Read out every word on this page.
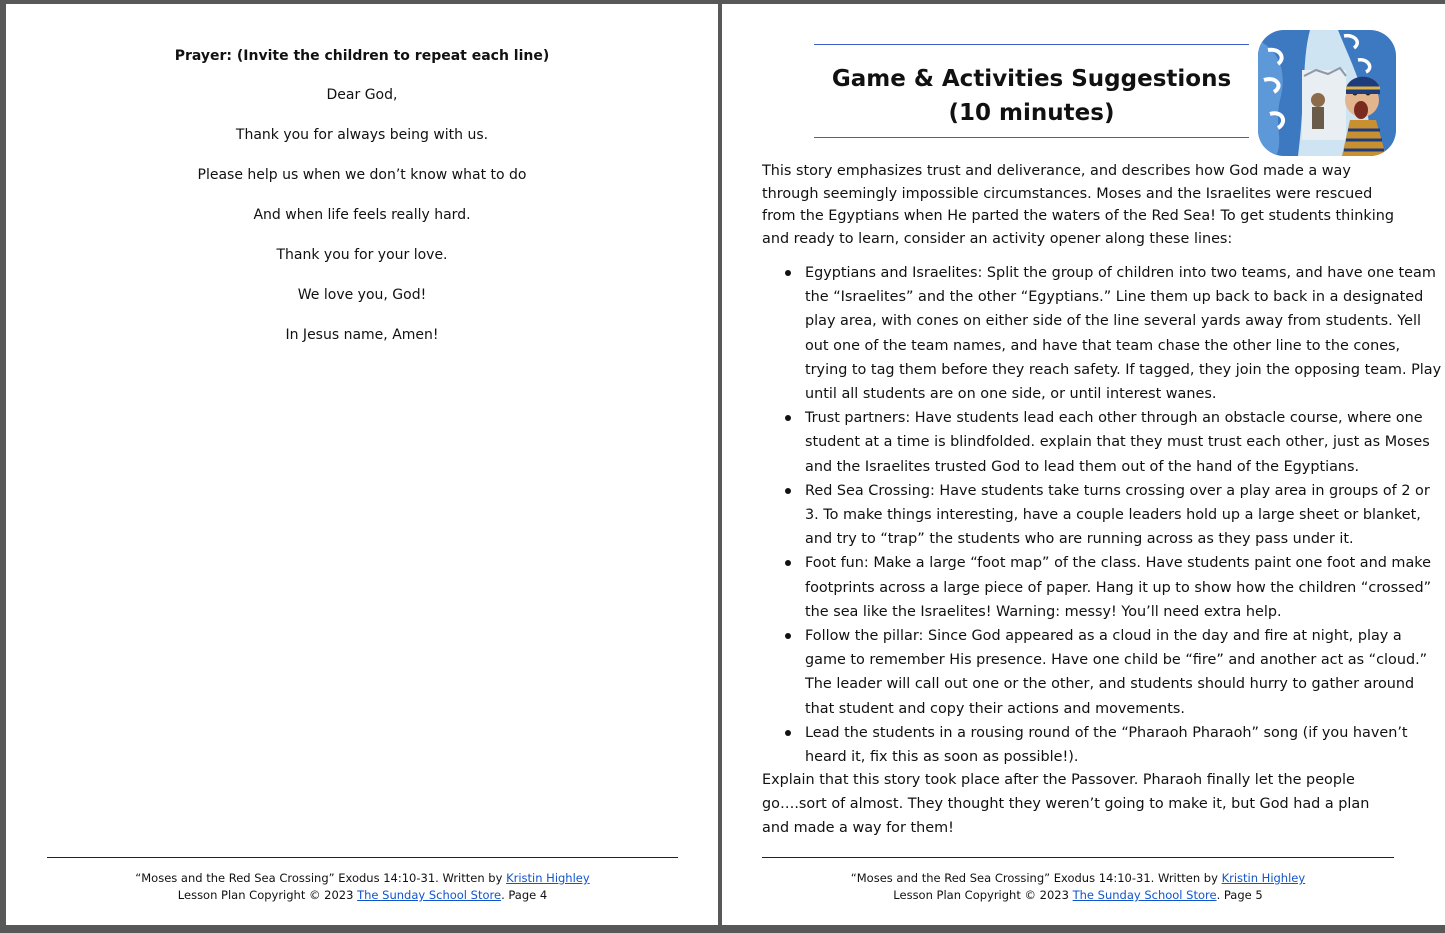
Prayer: (Invite the children to repeat each line)
Dear God,
Thank you for always being with us.
Please help us when we don’t know what to do
And when life feels really hard.
Thank you for your love.
We love you, God!
In Jesus name, Amen!
“Moses and the Red Sea Crossing” Exodus 14:10-31. Written by Kristin Highley
Lesson Plan Copyright © 2023 The Sunday School Store. Page 4
Game & Activities Suggestions
(10 minutes)
This story emphasizes trust and deliverance, and describes how God made a way through seemingly impossible circumstances. Moses and the Israelites were rescued from the Egyptians when He parted the waters of the Red Sea! To get students thinking and ready to learn, consider an activity opener along these lines:
Egyptians and Israelites: Split the group of children into two teams, and have one team the “Israelites” and the other “Egyptians.” Line them up back to back in a designated play area, with cones on either side of the line several yards away from students. Yell out one of the team names, and have that team chase the other line to the cones, trying to tag them before they reach safety. If tagged, they join the opposing team. Play until all students are on one side, or until interest wanes.
Trust partners: Have students lead each other through an obstacle course, where one student at a time is blindfolded. explain that they must trust each other, just as Moses and the Israelites trusted God to lead them out of the hand of the Egyptians.
Red Sea Crossing: Have students take turns crossing over a play area in groups of 2 or 3. To make things interesting, have a couple leaders hold up a large sheet or blanket, and try to “trap” the students who are running across as they pass under it.
Foot fun: Make a large “foot map” of the class. Have students paint one foot and make footprints across a large piece of paper. Hang it up to show how the children “crossed” the sea like the Israelites! Warning: messy! You’ll need extra help.
Follow the pillar: Since God appeared as a cloud in the day and fire at night, play a game to remember His presence. Have one child be “fire” and another act as “cloud.” The leader will call out one or the other, and students should hurry to gather around that student and copy their actions and movements.
Lead the students in a rousing round of the “Pharaoh Pharaoh” song (if you haven’t heard it, fix this as soon as possible!).
Explain that this story took place after the Passover. Pharaoh finally let the people go….sort of almost. They thought they weren’t going to make it, but God had a plan and made a way for them!
“Moses and the Red Sea Crossing” Exodus 14:10-31. Written by Kristin Highley
Lesson Plan Copyright © 2023 The Sunday School Store. Page 5
